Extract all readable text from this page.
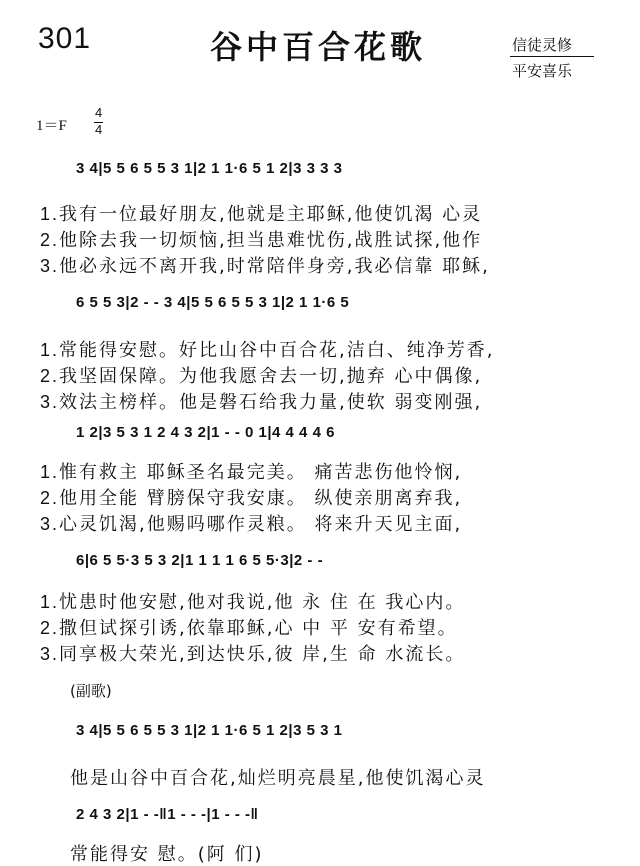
301	谷中百合花歌	信徒灵修
平安喜乐
1＝F
4
4
3 4|5 5 6 5 5 3 1|2 1 1·6 5 1 2|3 3 3 3
1.我有一位最好朋友,他就是主耶稣,他使饥渴 心灵
2.他除去我一切烦恼,担当患难忧伤,战胜试探,他作
3.他必永远不离开我,时常陪伴身旁,我必信靠 耶稣,
6 5 5 3|2 - - 3 4|5 5 6 5 5 3 1|2 1 1·6 5
1.常能得安慰。好比山谷中百合花,洁白、纯净芳香,
2.我坚固保障。为他我愿舍去一切,抛弃 心中偶像,
3.效法主榜样。他是磐石给我力量,使软 弱变刚强,
1 2|3 5 3 1 2 4 3 2|1 - - 0 1|4 4 4 4 6
1.惟有救主 耶稣圣名最完美。 痛苦悲伤他怜悯,
2.他用全能 臂膀保守我安康。 纵使亲朋离弃我,
3.心灵饥渴,他赐吗哪作灵粮。 将来升天见主面,
6|6 5 5·3 5 3 2|1 1 1 1 6 5 5·3|2 - -
1.忧患时他安慰,他对我说,他 永 住 在 我心内。
2.撒但试探引诱,依靠耶稣,心 中 平 安有希望。
3.同享极大荣光,到达快乐,彼 岸,生 命 水流长。
(副歌)
3 4|5 5 6 5 5 3 1|2 1 1·6 5 1 2|3 5 3 1
他是山谷中百合花,灿烂明亮晨星,他使饥渴心灵
2 4 3 2|1 - -‖1 - - -|1 - - -‖
常能得安 慰。(阿 们)
